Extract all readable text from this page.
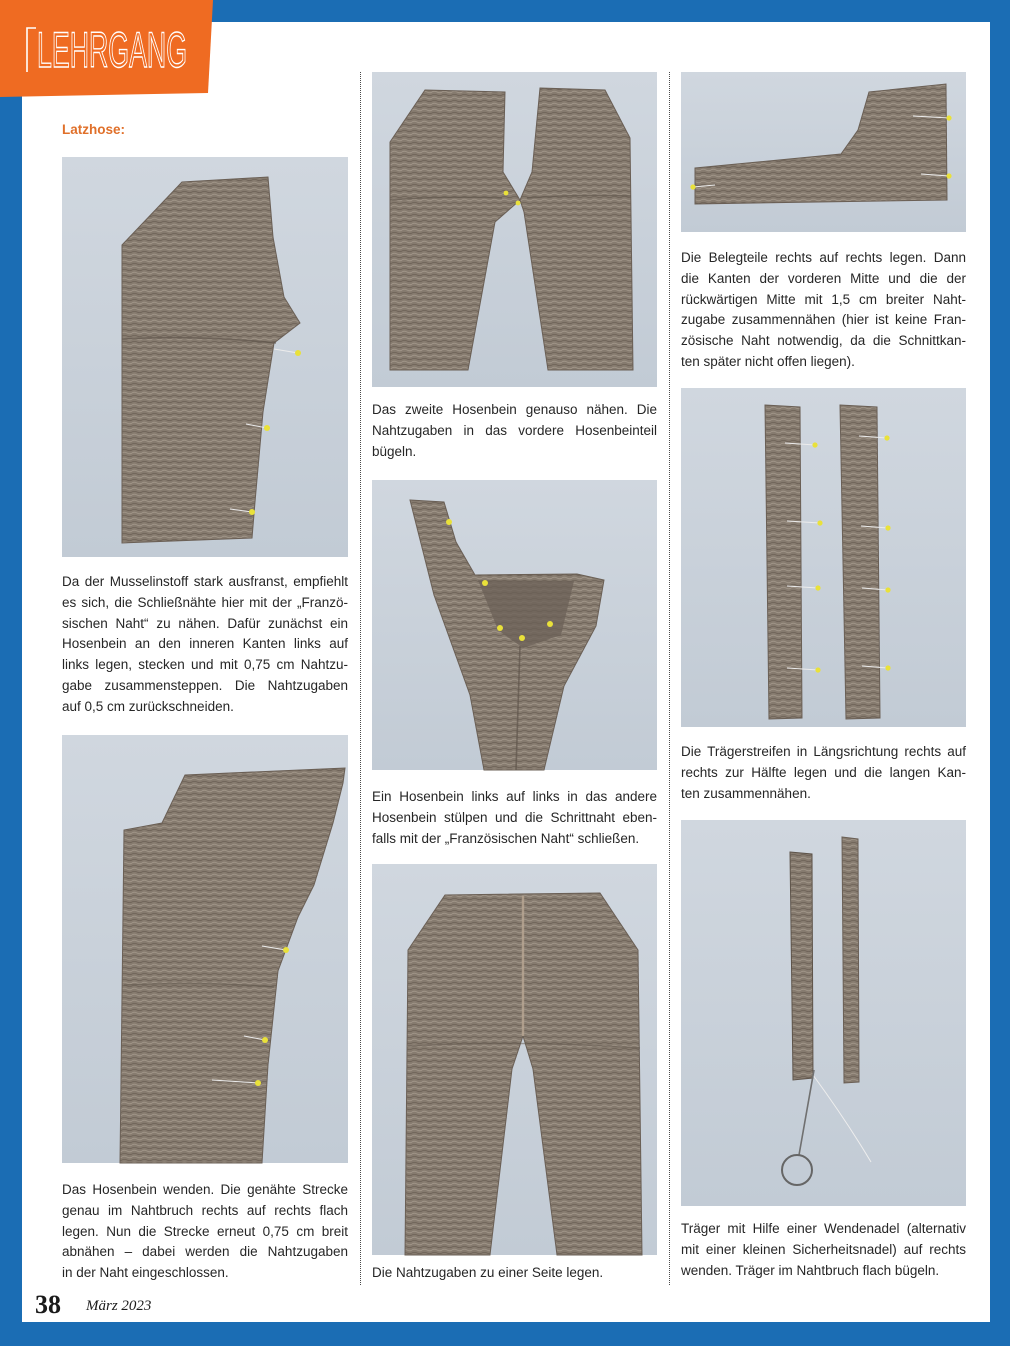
LEHRGANG
Latzhose:
Da der Musselinstoff stark ausfranst, empfiehlt
es sich, die Schließnähte hier mit der „Franzö-
sischen Naht“ zu nähen. Dafür zunächst ein
Hosenbein an den inneren Kanten links auf
links legen, stecken und mit 0,75 cm Nahtzu-
gabe zusammensteppen. Die Nahtzugaben
auf 0,5 cm zurückschneiden.
Das Hosenbein wenden. Die genähte Strecke
genau im Nahtbruch rechts auf rechts flach
legen. Nun die Strecke erneut 0,75 cm breit
abnähen – dabei werden die Nahtzugaben
in der Naht eingeschlossen.
Das zweite Hosenbein genauso nähen. Die
Nahtzugaben in das vordere Hosenbeinteil
bügeln.
Ein Hosenbein links auf links in das andere
Hosenbein stülpen und die Schrittnaht eben-
falls mit der „Französischen Naht“ schließen.
Die Nahtzugaben zu einer Seite legen.
Die Belegteile rechts auf rechts legen. Dann
die Kanten der vorderen Mitte und die der
rückwärtigen Mitte mit 1,5 cm breiter Naht-
zugabe zusammennähen (hier ist keine Fran-
zösische Naht notwendig, da die Schnittkan-
ten später nicht offen liegen).
Die Trägerstreifen in Längsrichtung rechts auf
rechts zur Hälfte legen und die langen Kan-
ten zusammennähen.
Träger mit Hilfe einer Wendenadel (alternativ
mit einer kleinen Sicherheitsnadel) auf rechts
wenden. Träger im Nahtbruch flach bügeln.
38 März 2023
